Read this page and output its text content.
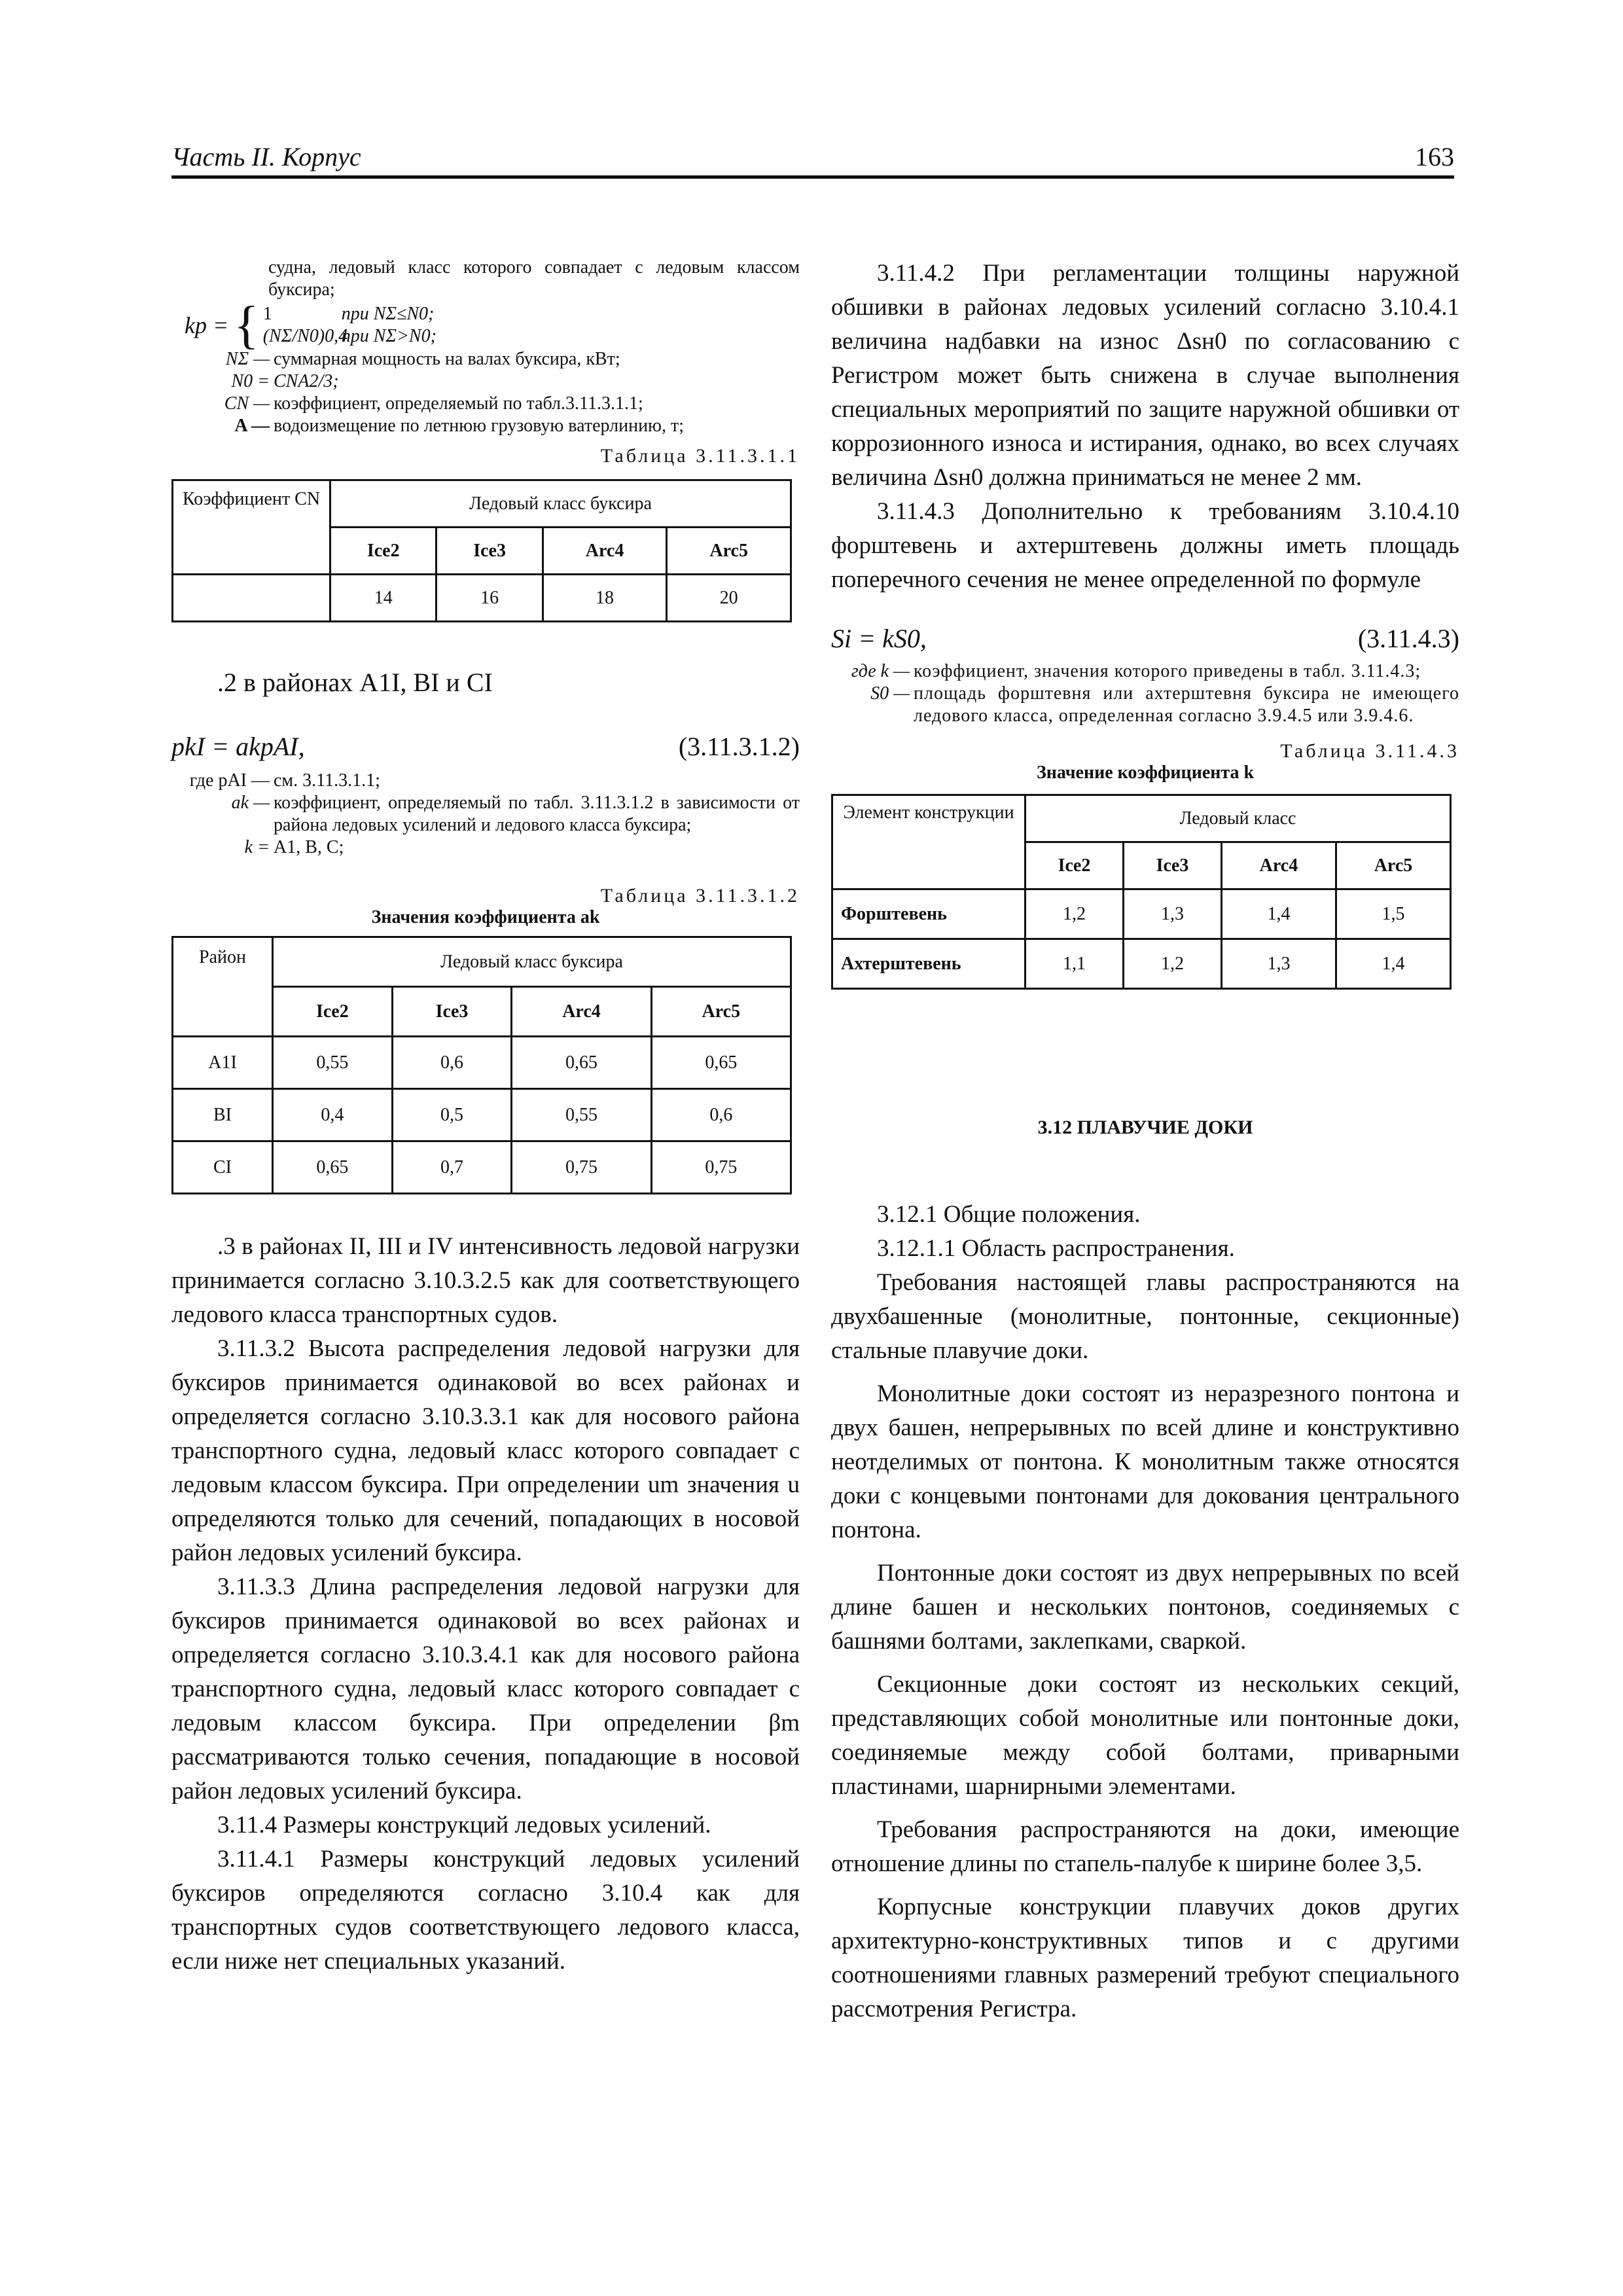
Часть II. Корпус	163
судна, ледовый класс которого совпадает с ледовым классом буксира;
kp = { 1	при NΣ≤N0;
(NΣ/N0)0,4
при NΣ>N0;
NΣ — суммарная мощность на валах буксира, кВт;
N0 = CNA2/3;
CN — коэффициент, определяемый по табл.3.11.3.1.1;
A — водоизмещение по летнюю грузовую ватерлинию, т;
Таблица 3.11.3.1.1
Коэффициент CN	Ледовый класс буксира			
	Ice2	Ice3	Arc4	Arc5
	14	16	18	20
.2 в районах A1I, BI и CI
pkI = akpAI,	(3.11.3.1.2)
где pAI — см. 3.11.3.1.1;
ak — коэффициент, определяемый по табл. 3.11.3.1.2 в зависимости от района ледовых усилений и ледового класса буксира;
k = A1, B, C;
Таблица 3.11.3.1.2
Значения коэффициента ak
Район	Ледовый класс буксира			
	Ice2	Ice3	Arc4	Arc5
A1I	0,55	0,6	0,65	0,65
BI	0,4	0,5	0,55	0,6
CI	0,65	0,7	0,75	0,75

.3 в районах II, III и IV интенсивность ледовой нагрузки принимается согласно 3.10.3.2.5 как для соответствующего ледового класса транспортных судов.

3.11.3.2 Высота распределения ледовой нагрузки для буксиров принимается одинаковой во всех районах и определяется согласно 3.10.3.3.1 как для носового района транспортного судна, ледовый класс которого совпадает с ледовым классом буксира. При определении um значения u определяются только для сечений, попадающих в носовой район ледовых усилений буксира.

3.11.3.3 Длина распределения ледовой нагрузки для буксиров принимается одинаковой во всех районах и определяется согласно 3.10.3.4.1 как для носового района транспортного судна, ледовый класс которого совпадает с ледовым классом буксира. При определении βm рассматриваются только сечения, попадающие в носовой район ледовых усилений буксира.

3.11.4 Размеры конструкций ледовых усилений.

3.11.4.1 Размеры конструкций ледовых усилений буксиров определяются согласно 3.10.4 как для транспортных судов соответствующего ледового класса, если ниже нет специальных указаний.

3.11.4.2 При регламентации толщины наружной обшивки в районах ледовых усилений согласно 3.10.4.1 величина надбавки на износ Δsн0 по согласованию с Регистром может быть снижена в случае выполнения специальных мероприятий по защите наружной обшивки от коррозионного износа и истирания, однако, во всех случаях величина Δsн0 должна приниматься не менее 2 мм.

3.11.4.3 Дополнительно к требованиям 3.10.4.10 форштевень и ахтерштевень должны иметь площадь поперечного сечения не менее определенной по формуле

Si = kS0,	(3.11.4.3)
где k — коэффициент, значения которого приведены в табл. 3.11.4.3;
S0 — площадь форштевня или ахтерштевня буксира не имеющего ледового класса, определенная согласно 3.9.4.5 или 3.9.4.6.
Таблица 3.11.4.3
Значение коэффициента k
Элемент конструкции	Ледовый класс			
	Ice2	Ice3	Arc4	Arc5
Форштевень	1,2	1,3	1,4	1,5
Ахтерштевень	1,1	1,2	1,3	1,4
3.12 ПЛАВУЧИЕ ДОКИ

3.12.1 Общие положения.

3.12.1.1 Область распространения.

Требования настоящей главы распространяются на двухбашенные (монолитные, понтонные, секционные) стальные плавучие доки.

Монолитные доки состоят из неразрезного понтона и двух башен, непрерывных по всей длине и конструктивно неотделимых от понтона. К монолитным также относятся доки с концевыми понтонами для докования центрального понтона.

Понтонные доки состоят из двух непрерывных по всей длине башен и нескольких понтонов, соединяемых с башнями болтами, заклепками, сваркой.

Секционные доки состоят из нескольких секций, представляющих собой монолитные или понтонные доки, соединяемые между собой болтами, приварными пластинами, шарнирными элементами.

Требования распространяются на доки, имеющие отношение длины по стапель-палубе к ширине более 3,5.

Корпусные конструкции плавучих доков других архитектурно-конструктивных типов и с другими соотношениями главных размерений требуют специального рассмотрения Регистра.
